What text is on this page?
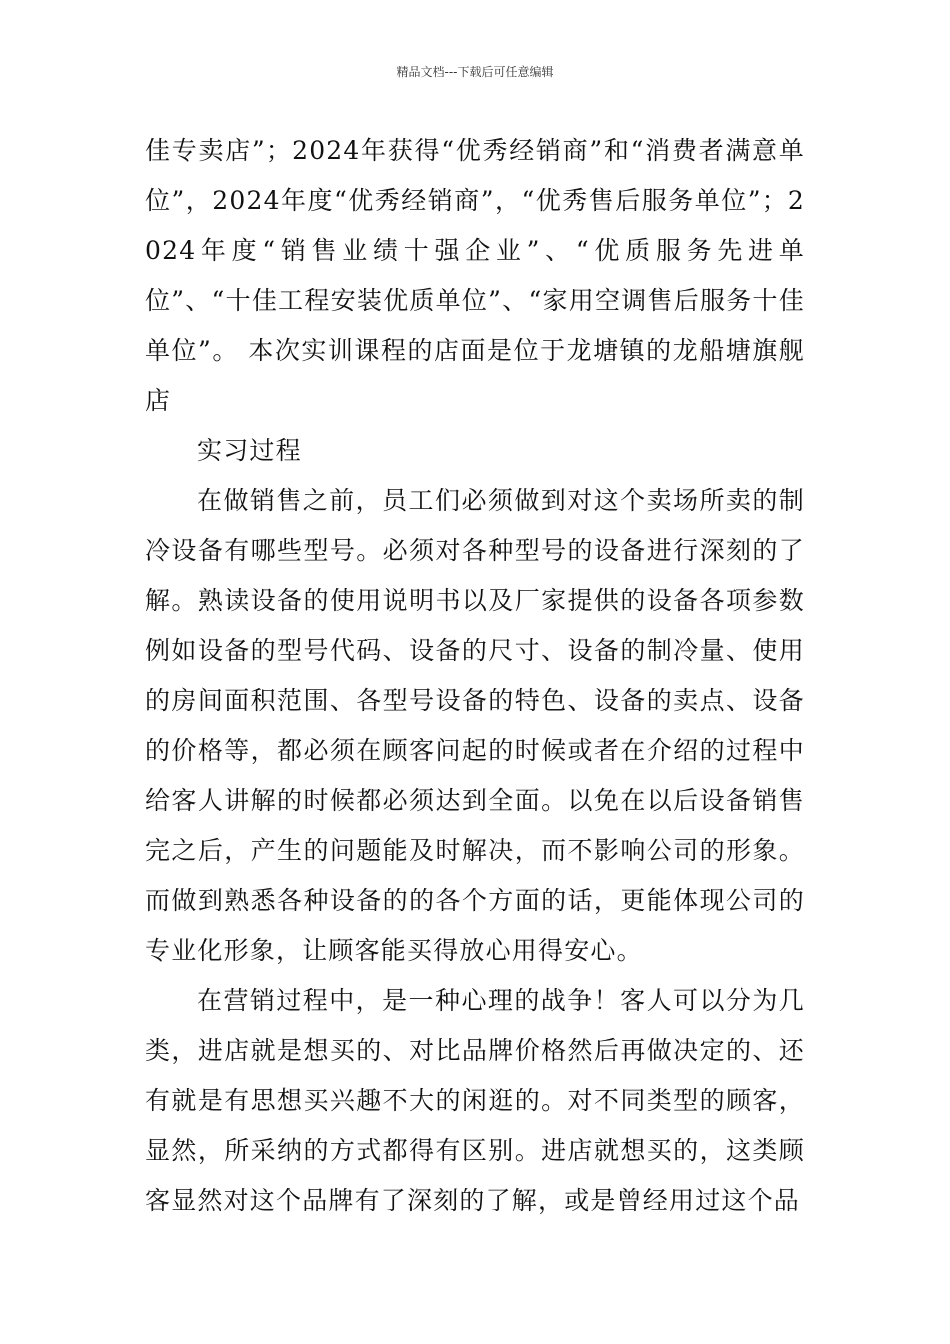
精品文档---下载后可任意编辑

佳专卖店”；2024年获得“优秀经销商”和“消费者满意单位”，2024年度“优秀经销商”，“优秀售后服务单位”；2024年度“销售业绩十强企业”、“优质服务先进单位”、“十佳工程安装优质单位”、“家用空调售后服务十佳单位”。 本次实训课程的店面是位于龙塘镇的龙船塘旗舰店

实习过程

在做销售之前，员工们必须做到对这个卖场所卖的制冷设备有哪些型号。必须对各种型号的设备进行深刻的了解。熟读设备的使用说明书以及厂家提供的设备各项参数例如设备的型号代码、设备的尺寸、设备的制冷量、使用的房间面积范围、各型号设备的特色、设备的卖点、设备的价格等，都必须在顾客问起的时候或者在介绍的过程中给客人讲解的时候都必须达到全面。以免在以后设备销售完之后，产生的问题能及时解决，而不影响公司的形象。而做到熟悉各种设备的的各个方面的话，更能体现公司的专业化形象，让顾客能买得放心用得安心。

在营销过程中，是一种心理的战争！客人可以分为几类，进店就是想买的、对比品牌价格然后再做决定的、还有就是有思想买兴趣不大的闲逛的。对不同类型的顾客，显然，所采纳的方式都得有区别。进店就想买的，这类顾客显然对这个品牌有了深刻的了解，或是曾经用过这个品
